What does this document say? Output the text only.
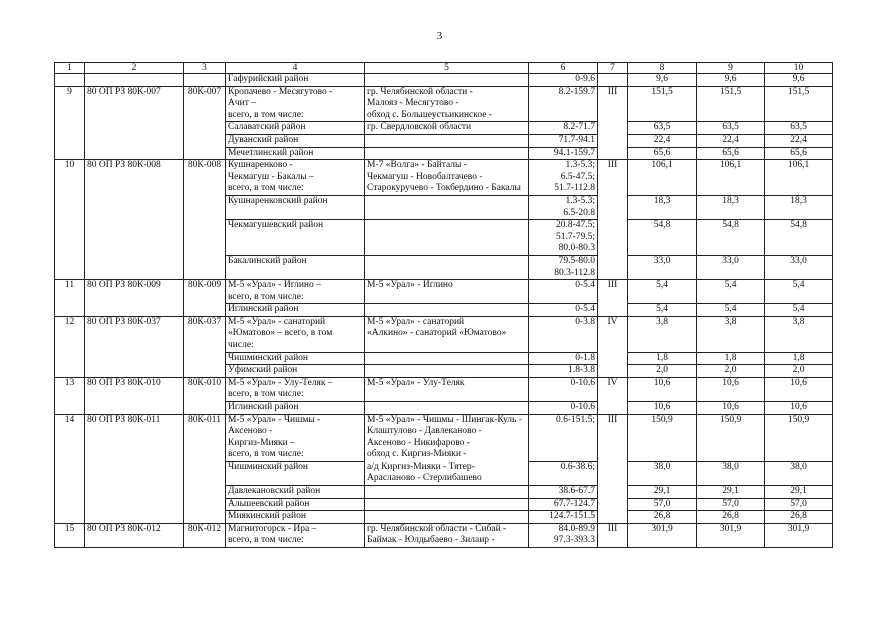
3
1	2	3	4	5	6	7	8	9	10

			Гафурийский район		0-9.6		9,6	9,6	9,6

9	80 ОП РЗ 80К-007	80К-007	Кропачево - Месягутово -
Ачит –
всего, в том числе:	гр. Челябинской области -
Малояз - Месягутово -
обход с. Большеустьикинское -	8.2-159.7	III	151,5	151,5	151,5

			Салаватский район	гр. Свердловской области	8.2-71.7		63,5	63,5	63,5

			Дуванский район		71.7-94.1		22,4	22,4	22,4

			Мечетлинский район		94.1-159.7		65,6	65,6	65,6

10	80 ОП РЗ 80К-008	80К-008	Кушнаренково -
Чекмагуш - Бакалы –
всего, в том числе:	М-7 «Волга» - Байталы -
Чекмагуш - Новобалтачево -
Старокуручево - Токбердино - Бакалы	1.3-5.3;
6.5-47.5;
51.7-112.8	III	106,1	106,1	106,1

			Кушнаренковский район		1.3-5.3;
6.5-20.8		18,3	18,3	18,3

			Чекмагушевский район		20.8-47.5;
51.7-79.5;
80.0-80.3		54,8	54,8	54,8

			Бакалинский район		79.5-80.0
80.3-112.8		33,0	33,0	33,0

11	80 ОП РЗ 80К-009	80К-009	М-5 «Урал» - Иглино –
всего, в том числе:	М-5 «Урал» - Иглино	0-5.4	III	5,4	5,4	5,4

			Иглинский район		0-5.4		5,4	5,4	5,4

12	80 ОП РЗ 80К-037	80К-037	М-5 «Урал» - санаторий
«Юматово» – всего, в том
числе:	М-5 «Урал» - санаторий
«Алкино» - санаторий «Юматово»	0-3.8	IV	3,8	3,8	3,8

			Чишминский район		0-1.8		1,8	1,8	1,8

			Уфимский район		1.8-3.8		2,0	2,0	2,0

13	80 ОП РЗ 80К-010	80К-010	М-5 «Урал» - Улу-Теляк –
всего, в том числе:	М-5 «Урал» - Улу-Теляк	0-10.6	IV	10,6	10,6	10,6

			Иглинский район		0-10.6		10,6	10,6	10,6

14	80 ОП РЗ 80К-011	80К-011	М-5 «Урал» - Чишмы -
Аксеново -
Киргиз-Мияки –
всего, в том числе:	М-5 «Урал» - Чишмы - Шингак-Куль -
Клаштулово - Давлеканово -
Аксеново - Никифарово -
обход с. Киргиз-Мияки -	0.6-151.5;	III	150,9	150,9	150,9

			Чишминский район	а/д Киргиз-Мияки - Тятер-
Арасланово - Стерлибашево	0.6-38.6;		38,0	38,0	38,0

			Давлекановский район		38.6-67.7		29,1	29,1	29,1

			Альшеевский район		67.7-124.7		57,0	57,0	57,0

			Миякинский район		124.7-151.5		26,8	26,8	26,8

15	80 ОП РЗ 80К-012	80К-012	Магнитогорск - Ира –
всего, в том числе:	гр. Челябинской области - Сибай -
Баймак - Юлдыбаево - Зилаир -	84.0-89.9
97.3-393.3	III	301,9	301,9	301,9
